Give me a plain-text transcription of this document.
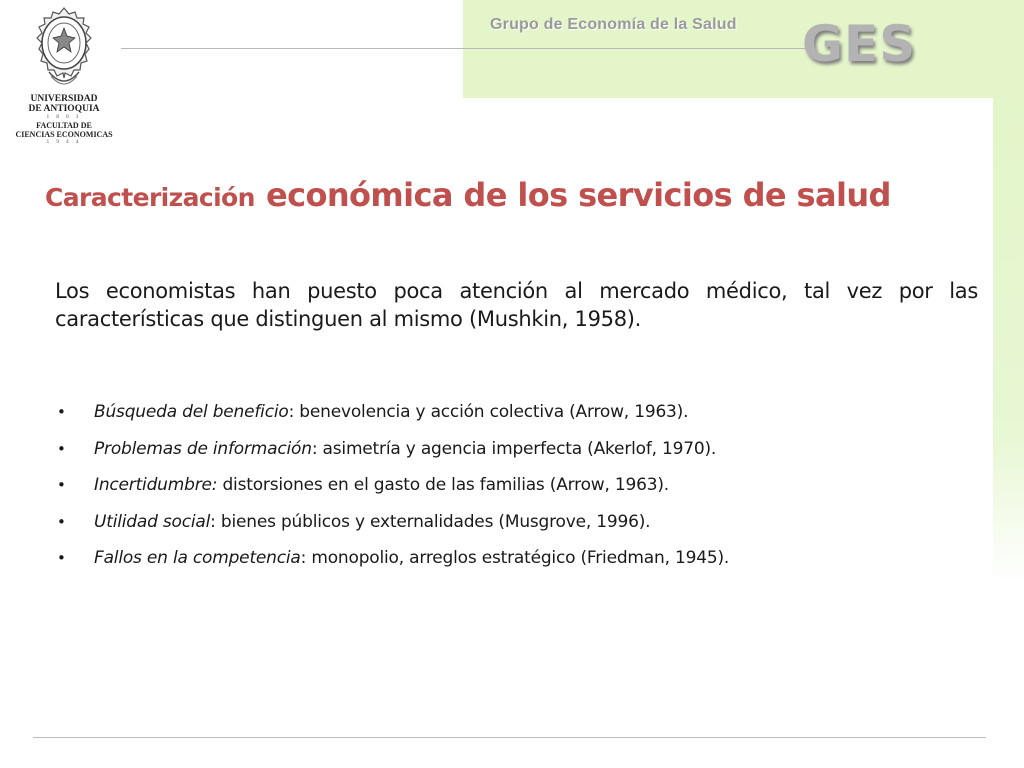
UNIVERSIDAD
DE ANTIOQUIA
1 8 0 3
FACULTAD DE
CIENCIAS ECONOMICAS
1 9 4 4
Grupo de Economía de la Salud	GES
Caracterización económica de los servicios de salud

Los economistas han puesto poca atención al mercado médico, tal vez por las características que distinguen al mismo (Mushkin, 1958).

• Búsqueda del beneficio: benevolencia y acción colectiva (Arrow, 1963).
• Problemas de información: asimetría y agencia imperfecta (Akerlof, 1970).
• Incertidumbre: distorsiones en el gasto de las familias (Arrow, 1963).
• Utilidad social: bienes públicos y externalidades (Musgrove, 1996).
• Fallos en la competencia: monopolio, arreglos estratégico (Friedman, 1945).
